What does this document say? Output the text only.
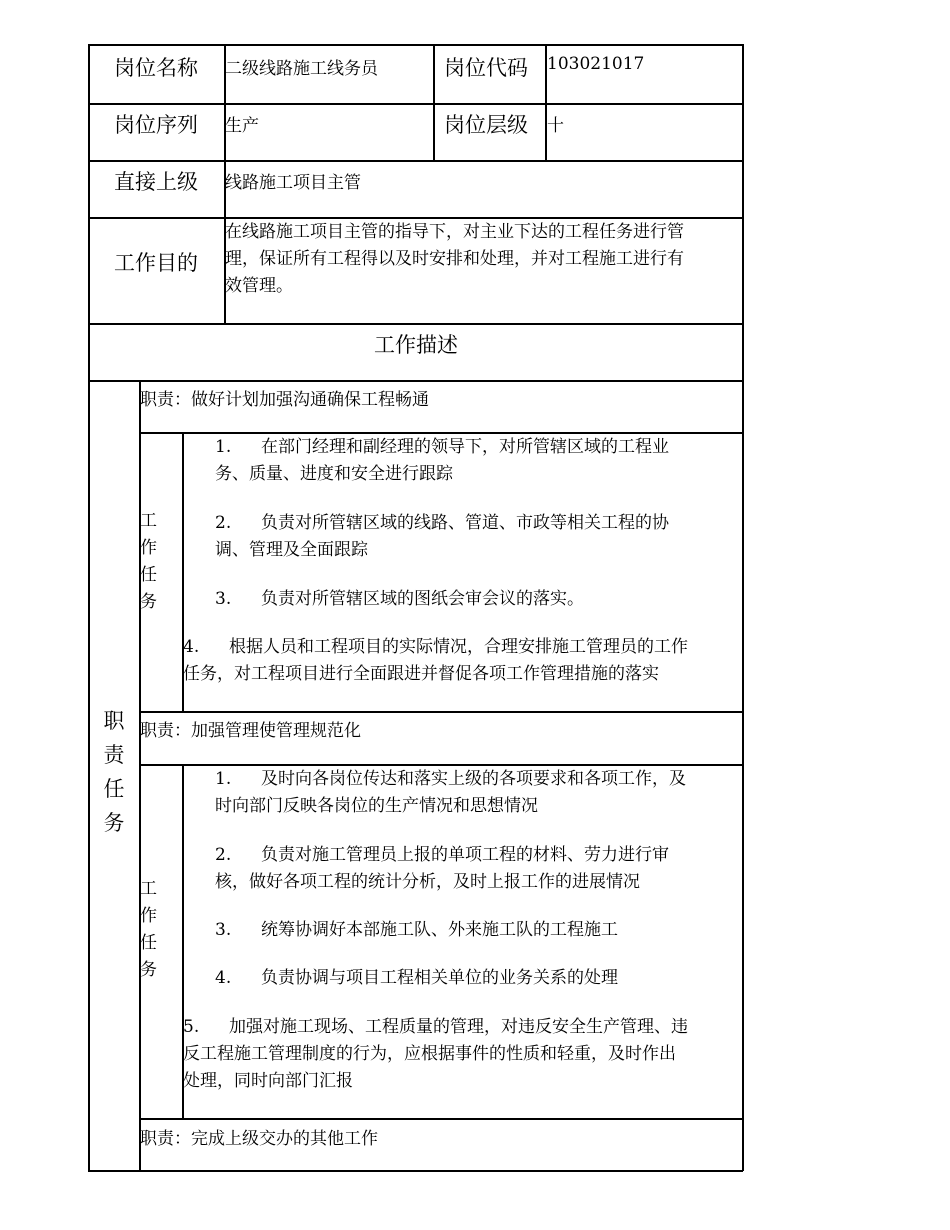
岗位名称 二级线路施工线务员	岗位代码 103021017
岗位序列 生产	岗位层级 十
直接上级 线路施工项目主管
工作目的
在线路施工项目主管的指导下，对主业下达的工程任务进行管
理，保证所有工程得以及时安排和处理，并对工程施工进行有
效管理。
工作描述
职
责
任
务
职责：做好计划加强沟通确保工程畅通
工
作
任
务
1. 在部门经理和副经理的领导下，对所管辖区域的工程业
务、质量、进度和安全进行跟踪
2. 负责对所管辖区域的线路、管道、市政等相关工程的协
调、管理及全面跟踪
3. 负责对所管辖区域的图纸会审会议的落实。
4. 根据人员和工程项目的实际情况，合理安排施工管理员的工作
任务，对工程项目进行全面跟进并督促各项工作管理措施的落实
职责：加强管理使管理规范化
工
作
任
务
1. 及时向各岗位传达和落实上级的各项要求和各项工作，及
时向部门反映各岗位的生产情况和思想情况
2. 负责对施工管理员上报的单项工程的材料、劳力进行审
核，做好各项工程的统计分析，及时上报工作的进展情况
3. 统筹协调好本部施工队、外来施工队的工程施工
4. 负责协调与项目工程相关单位的业务关系的处理
5. 加强对施工现场、工程质量的管理，对违反安全生产管理、违
反工程施工管理制度的行为，应根据事件的性质和轻重，及时作出
处理，同时向部门汇报
职责：完成上级交办的其他工作
